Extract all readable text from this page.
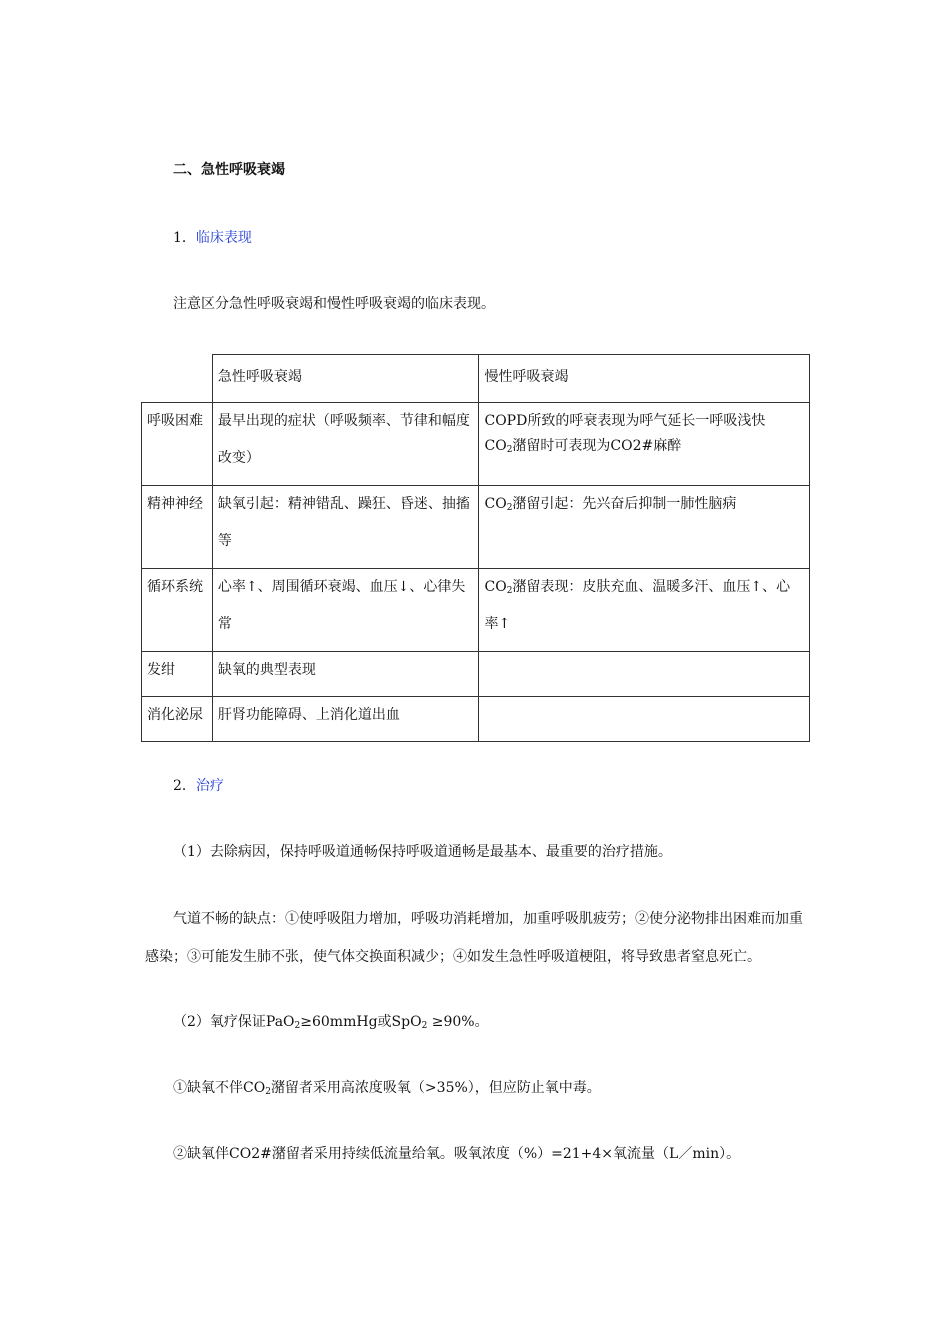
二、急性呼吸衰竭
1．临床表现
注意区分急性呼吸衰竭和慢性呼吸衰竭的临床表现。
	急性呼吸衰竭	慢性呼吸衰竭

呼吸困难	最早出现的症状（呼吸频率、节律和幅度改变）	COPD所致的呼衰表现为呼气延长一呼吸浅快
$CO_2$潴留时可表现为CO2#麻醉

精神神经	缺氧引起：精神错乱、躁狂、昏迷、抽搐等	$CO_2$潴留引起：先兴奋后抑制一肺性脑病

循环系统	心率↑、周围循环衰竭、血压↓、心律失常	$CO_2$潴留表现：皮肤充血、温暖多汗、血压↑、心率↑

发绀	缺氧的典型表现	

消化泌尿	肝肾功能障碍、上消化道出血	

2．治疗
（1）去除病因，保持呼吸道通畅保持呼吸道通畅是最基本、最重要的治疗措施。
气道不畅的缺点：①使呼吸阻力增加，呼吸功消耗增加，加重呼吸肌疲劳；②使分泌物排出困难而加重感染；③可能发生肺不张，使气体交换面积减少；④如发生急性呼吸道梗阻，将导致患者窒息死亡。
（2）氧疗保证PaO$_2$≥60mmHg或SpO$_2$ ≥90%。
①缺氧不伴$CO_2$潴留者采用高浓度吸氧（>35%），但应防止氧中毒。
②缺氧伴CO2#潴留者采用持续低流量给氧。吸氧浓度（%）=21+4×氧流量（L／min）。
